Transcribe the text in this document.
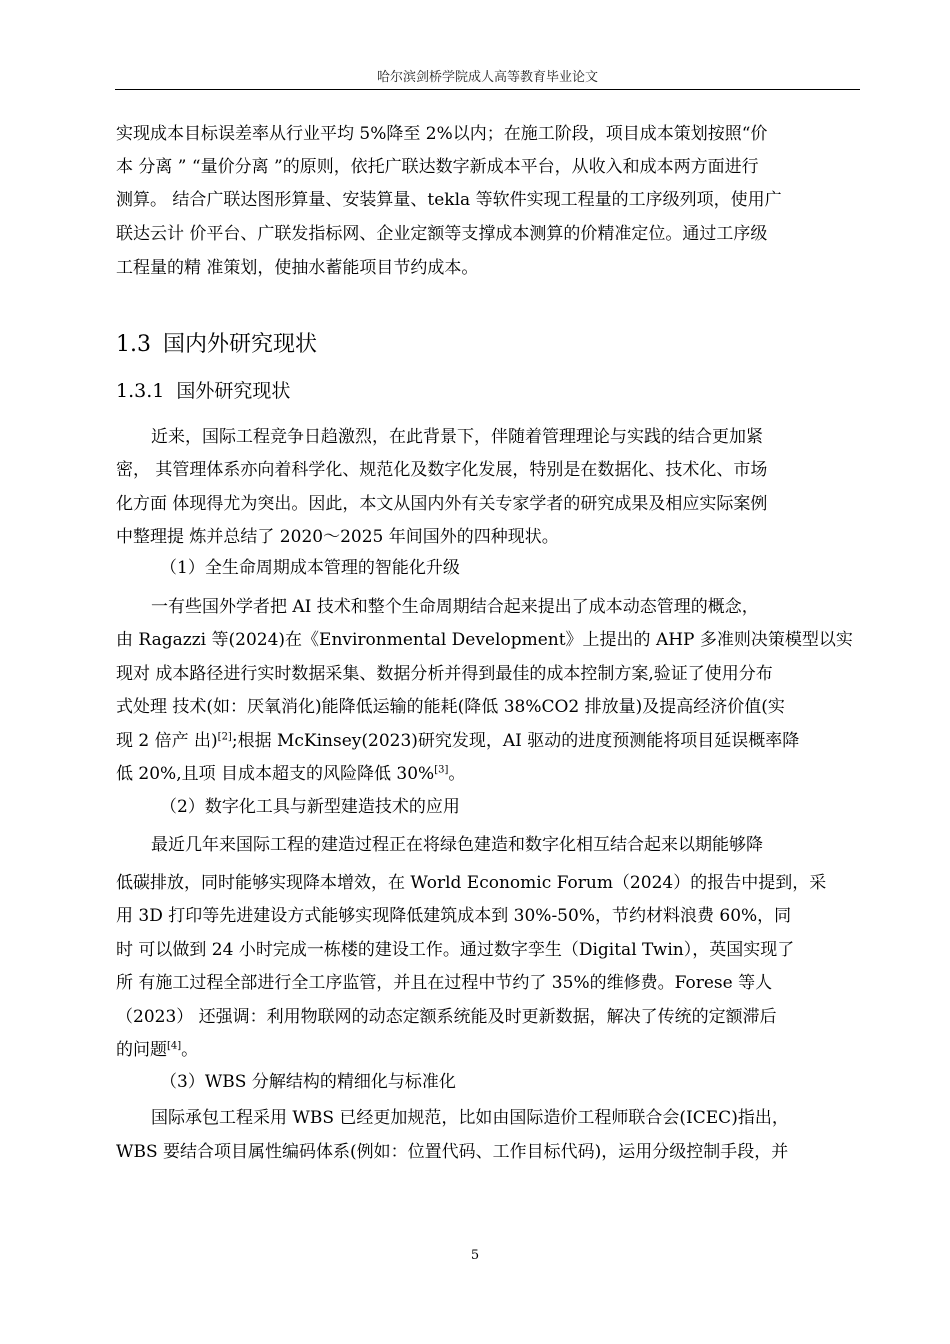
哈尔滨剑桥学院成人高等教育毕业论文
实现成本目标误差率从行业平均 5%降至 2%以内；在施工阶段，项目成本策划按照“价
本 分离 ” “量价分离 ”的原则，依托广联达数字新成本平台，从收入和成本两方面进行
测算。 结合广联达图形算量、安装算量、tekla 等软件实现工程量的工序级列项，使用广
联达云计 价平台、广联发指标网、企业定额等支撑成本测算的价精准定位。通过工序级
工程量的精 准策划，使抽水蓄能项目节约成本。
1.3 国内外研究现状
1.3.1 国外研究现状
近来，国际工程竞争日趋激烈，在此背景下，伴随着管理理论与实践的结合更加紧
密， 其管理体系亦向着科学化、规范化及数字化发展，特别是在数据化、技术化、市场
化方面 体现得尤为突出。因此，本文从国内外有关专家学者的研究成果及相应实际案例
中整理提 炼并总结了 2020～2025 年间国外的四种现状。
（1）全生命周期成本管理的智能化升级
一有些国外学者把 AI 技术和整个生命周期结合起来提出了成本动态管理的概念，
由 Ragazzi 等(2024)在《Environmental Development》上提出的 AHP 多准则决策模型以实
现对 成本路径进行实时数据采集、数据分析并得到最佳的成本控制方案,验证了使用分布
式处理 技术(如：厌氧消化)能降低运输的能耗(降低 38%CO2 排放量)及提高经济价值(实
现 2 倍产 出)[2];根据 McKinsey(2023)研究发现，AI 驱动的进度预测能将项目延误概率降
低 20%,且项 目成本超支的风险降低 30%[3]。
（2）数字化工具与新型建造技术的应用
最近几年来国际工程的建造过程正在将绿色建造和数字化相互结合起来以期能够降
低碳排放，同时能够实现降本增效，在 World Economic Forum（2024）的报告中提到，采
用 3D 打印等先进建设方式能够实现降低建筑成本到 30%-50%，节约材料浪费 60%，同
时 可以做到 24 小时完成一栋楼的建设工作。通过数字孪生（Digital Twin），英国实现了
所 有施工过程全部进行全工序监管，并且在过程中节约了 35%的维修费。Forese 等人
（2023） 还强调：利用物联网的动态定额系统能及时更新数据，解决了传统的定额滞后
的问题[4]。
（3）WBS 分解结构的精细化与标准化
国际承包工程采用 WBS 已经更加规范，比如由国际造价工程师联合会(ICEC)指出，
WBS 要结合项目属性编码体系(例如：位置代码、工作目标代码)，运用分级控制手段，并
5
